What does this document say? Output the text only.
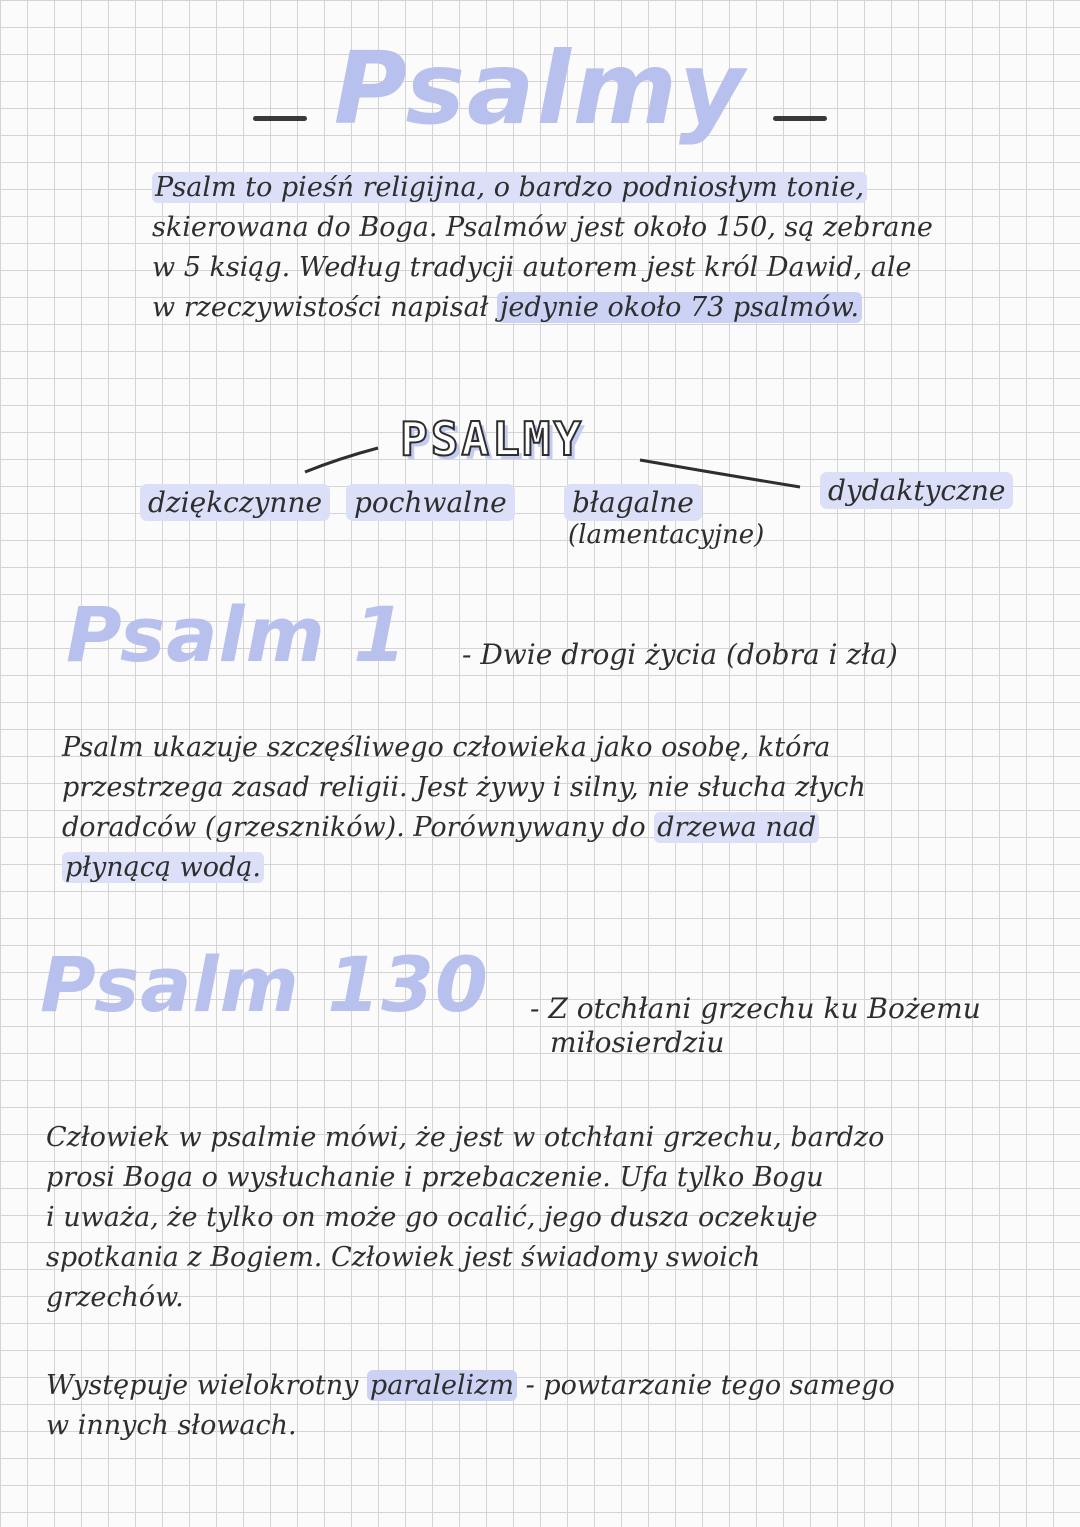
Psalmy
Psalm to pieśń religijna, o bardzo podniosłym tonie,
skierowana do Boga. Psalmów jest około 150, są zebrane
w 5 ksiąg. Według tradycji autorem jest król Dawid, ale
w rzeczywistości napisał jedynie około 73 psalmów.
PSALMY
dziękczynne pochwalne błagalne
(lamentacyjne)
dydaktyczne
Psalm 1 - Dwie drogi życia (dobra i zła)
Psalm ukazuje szczęśliwego człowieka jako osobę, która
przestrzega zasad religii. Jest żywy i silny, nie słucha złych
doradców (grzeszników). Porównywany do drzewa nad
płynącą wodą.
Psalm 130 - Z otchłani grzechu ku Bożemu
miłosierdziu
Człowiek w psalmie mówi, że jest w otchłani grzechu, bardzo
prosi Boga o wysłuchanie i przebaczenie. Ufa tylko Bogu
i uważa, że tylko on może go ocalić, jego dusza oczekuje
spotkania z Bogiem. Człowiek jest świadomy swoich
grzechów.
Występuje wielokrotny paralelizm - powtarzanie tego samego
w innych słowach.
